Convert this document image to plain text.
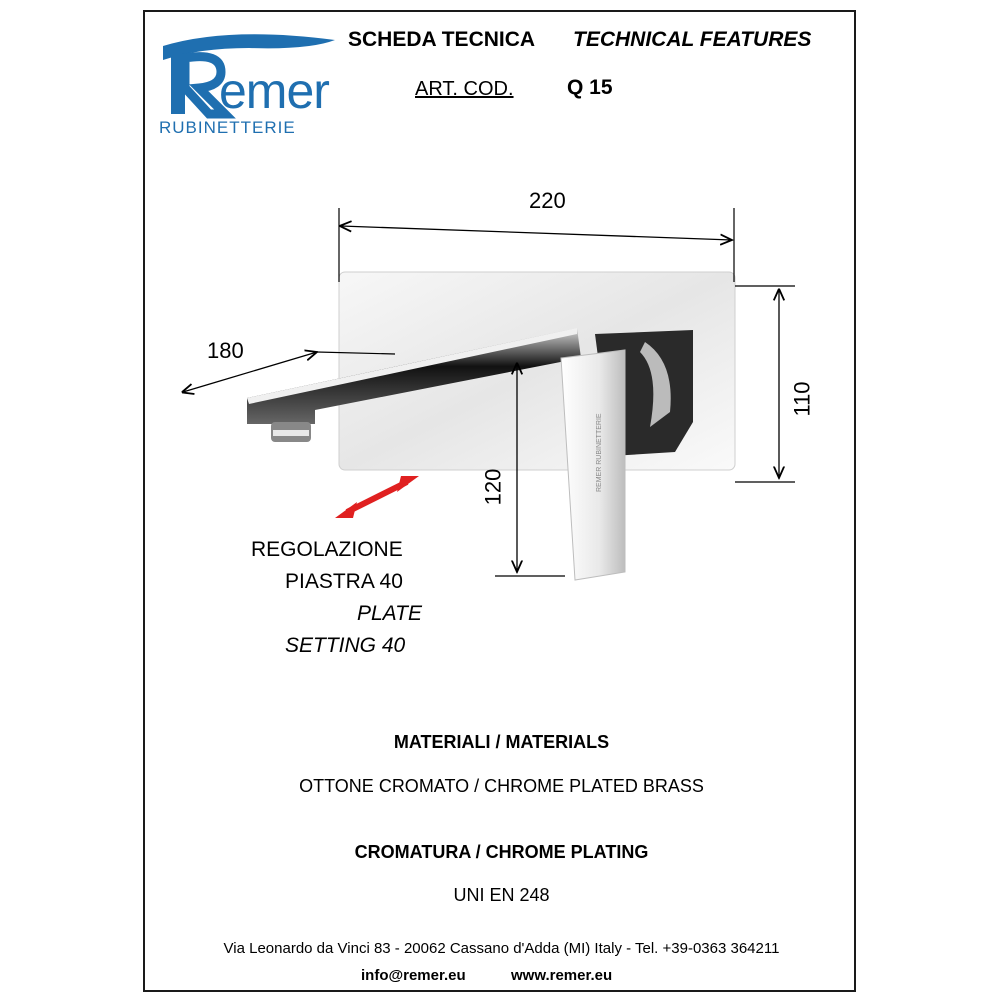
emer
RUBINETTERIE
SCHEDA TECNICA TECHNICAL FEATURES
ART. COD.	Q 15
REMER RUBINETTERIE
220
180
110
120
REGOLAZIONE
PIASTRA 40
PLATE
SETTING 40
MATERIALI / MATERIALS
OTTONE CROMATO / CHROME PLATED BRASS
CROMATURA / CHROME PLATING
UNI EN 248
Via Leonardo da Vinci 83 - 20062 Cassano d'Adda (MI) Italy - Tel. +39-0363 364211
info@remer.eu	www.remer.eu
